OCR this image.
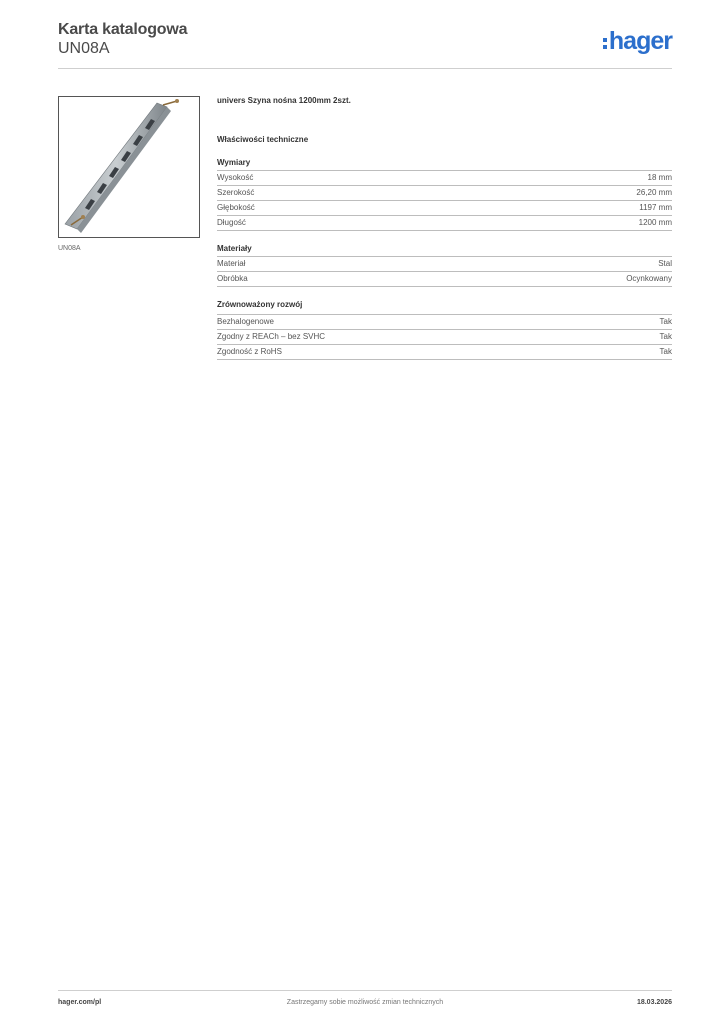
Karta katalogowa
UN08A	hager
UN08A
univers Szyna nośna 1200mm 2szt.
Właściwości techniczne
Wymiary
Wysokość	18 mm
Szerokość	26,20 mm
Głębokość	1197 mm
Długość	1200 mm
Materiały
Materiał	Stal
Obróbka	Ocynkowany
Zrównoważony rozwój
Bezhalogenowe	Tak
Zgodny z REACh – bez SVHC	Tak
Zgodność z RoHS	Tak
hager.com/pl	Zastrzegamy sobie możliwość zmian technicznych	18.03.2026
